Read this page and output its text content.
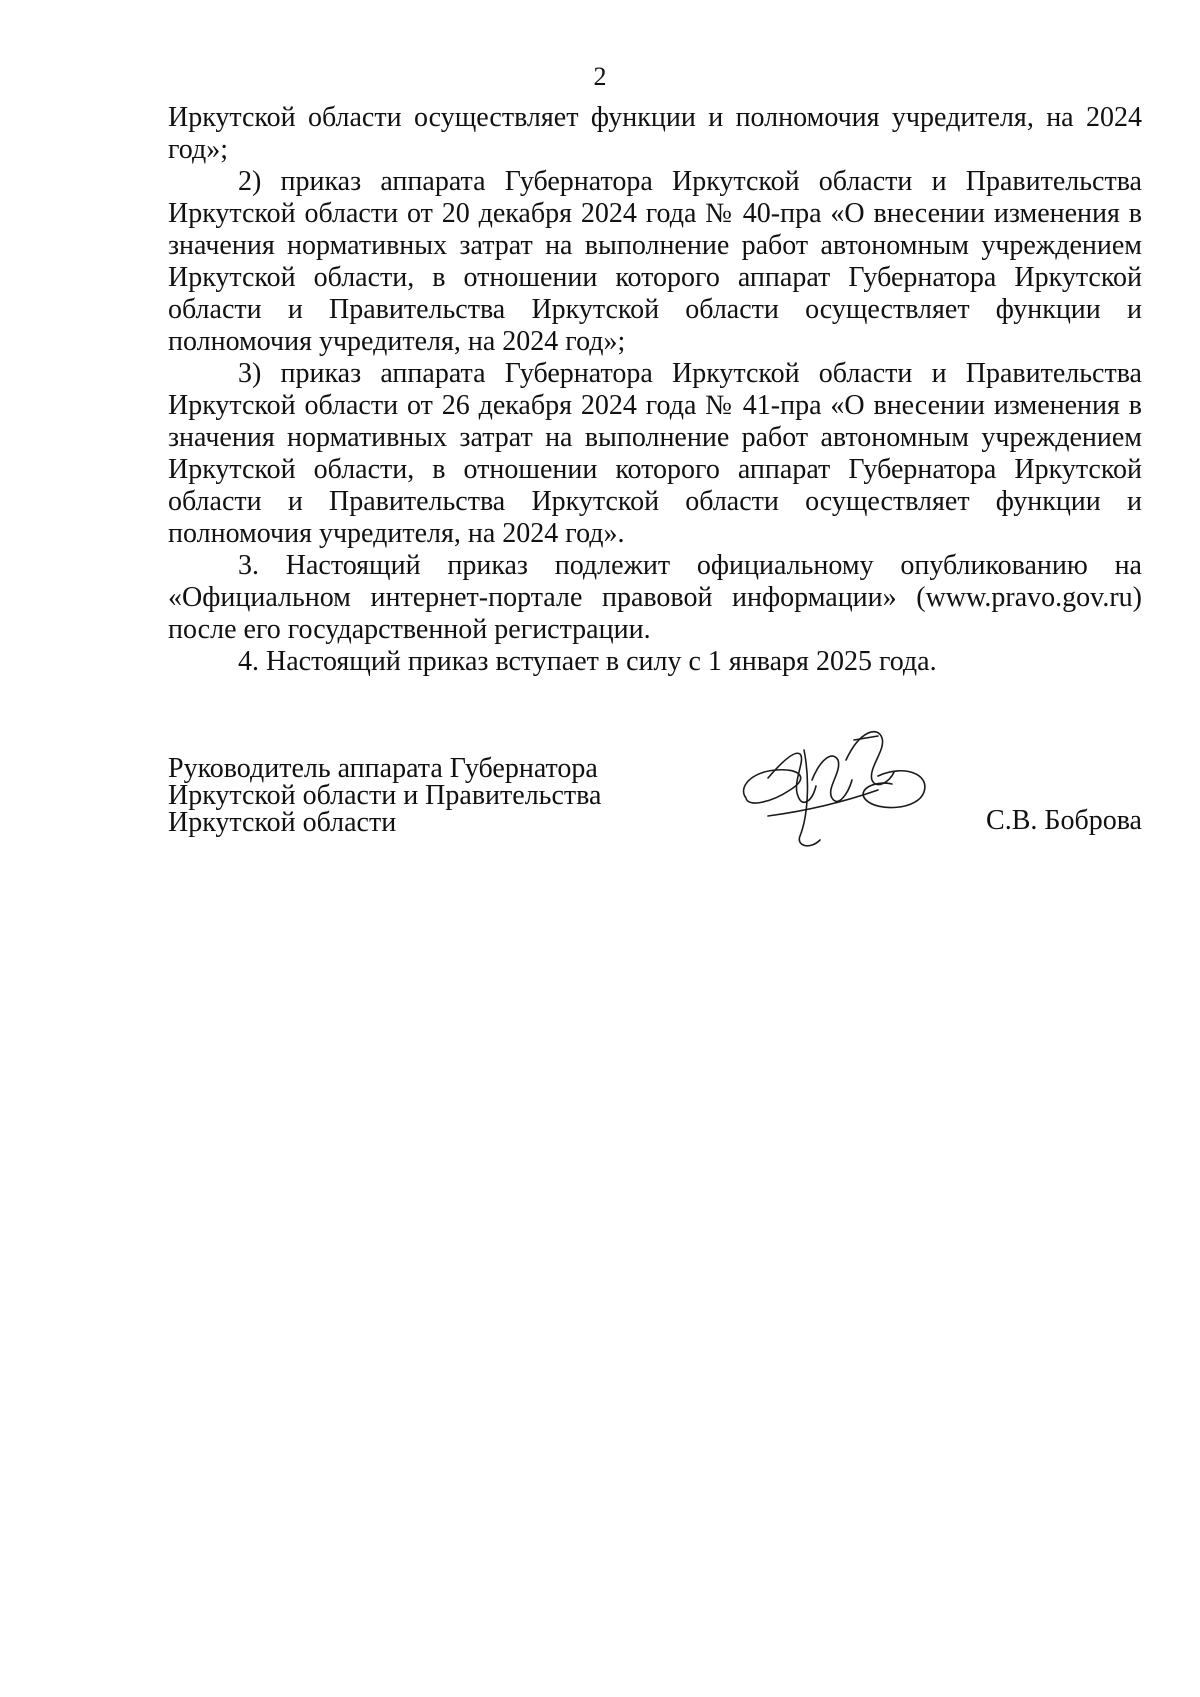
2

Иркутской области осуществляет функции и полномочия учредителя, на 2024 год»;

2) приказ аппарата Губернатора Иркутской области и Правительства Иркутской области от 20 декабря 2024 года № 40-пра «О внесении изменения в значения нормативных затрат на выполнение работ автономным учреждением Иркутской области, в отношении которого аппарат Губернатора Иркутской области и Правительства Иркутской области осуществляет функции и полномочия учредителя, на 2024 год»;

3) приказ аппарата Губернатора Иркутской области и Правительства Иркутской области от 26 декабря 2024 года № 41-пра «О внесении изменения в значения нормативных затрат на выполнение работ автономным учреждением Иркутской области, в отношении которого аппарат Губернатора Иркутской области и Правительства Иркутской области осуществляет функции и полномочия учредителя, на 2024 год».

3. Настоящий приказ подлежит официальному опубликованию на «Официальном интернет-портале правовой информации» (www.pravo.gov.ru) после его государственной регистрации.

4. Настоящий приказ вступает в силу с 1 января 2025 года.

Руководитель аппарата Губернатора
Иркутской области и Правительства
Иркутской области	С.В. Боброва
